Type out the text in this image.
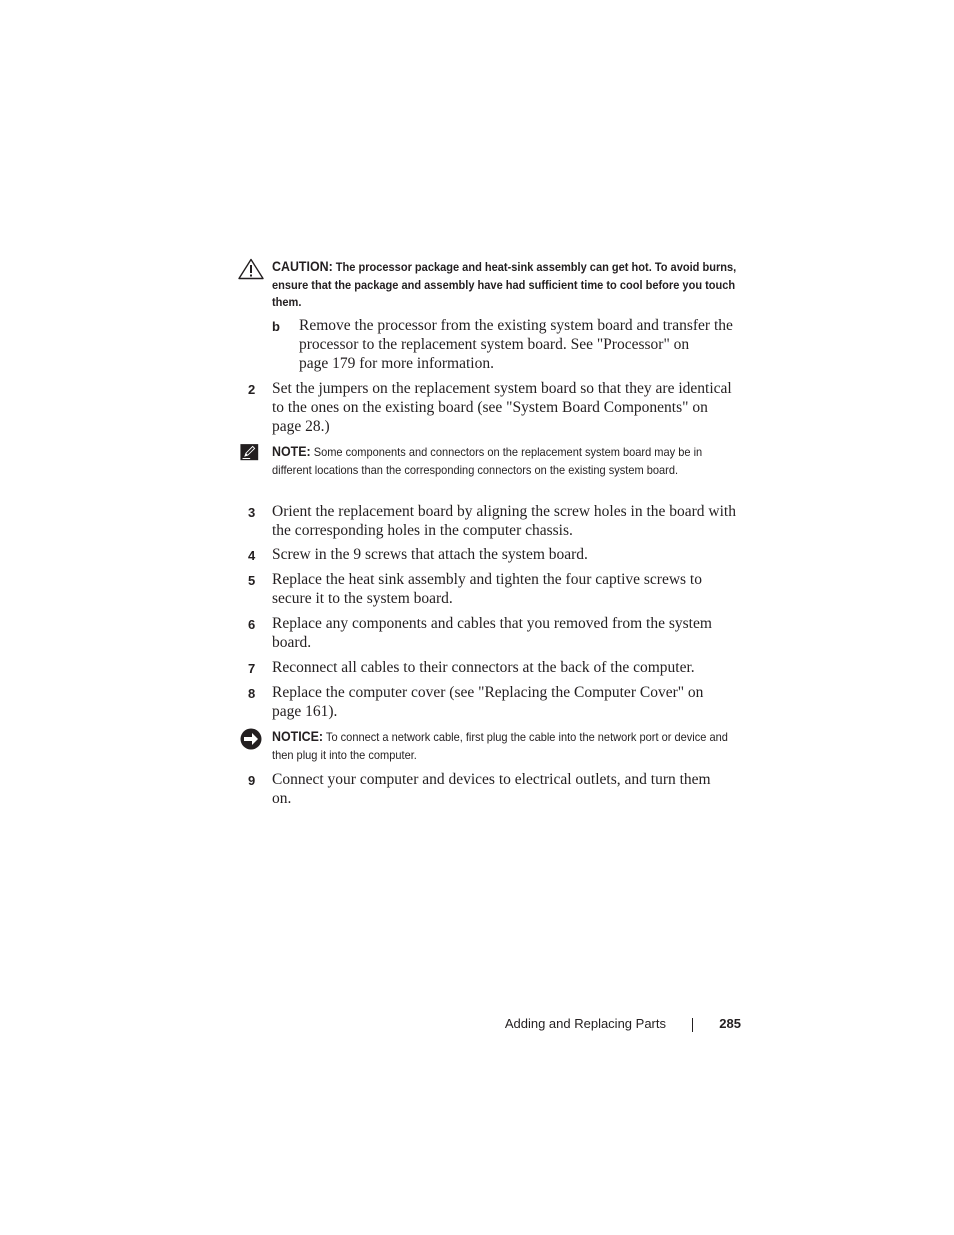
CAUTION: The processor package and heat-sink assembly can get hot. To avoid burns, ensure that the package and assembly have had sufficient time to cool before you touch them.
b Remove the processor from the existing system board and transfer the
processor to the replacement system board. See "Processor" on
page 179 for more information.
2 Set the jumpers on the replacement system board so that they are identical
to the ones on the existing board (see "System Board Components" on
page 28.)
NOTE: Some components and connectors on the replacement system board may be in different locations than the corresponding connectors on the existing system board.
3 Orient the replacement board by aligning the screw holes in the board with
the corresponding holes in the computer chassis.
4 Screw in the 9 screws that attach the system board.
5 Replace the heat sink assembly and tighten the four captive screws to
secure it to the system board.
6 Replace any components and cables that you removed from the system
board.
7 Reconnect all cables to their connectors at the back of the computer.
8 Replace the computer cover (see "Replacing the Computer Cover" on
page 161).
NOTICE: To connect a network cable, first plug the cable into the network port or device and then plug it into the computer.
9 Connect your computer and devices to electrical outlets, and turn them
on.
Adding and Replacing Parts	285
